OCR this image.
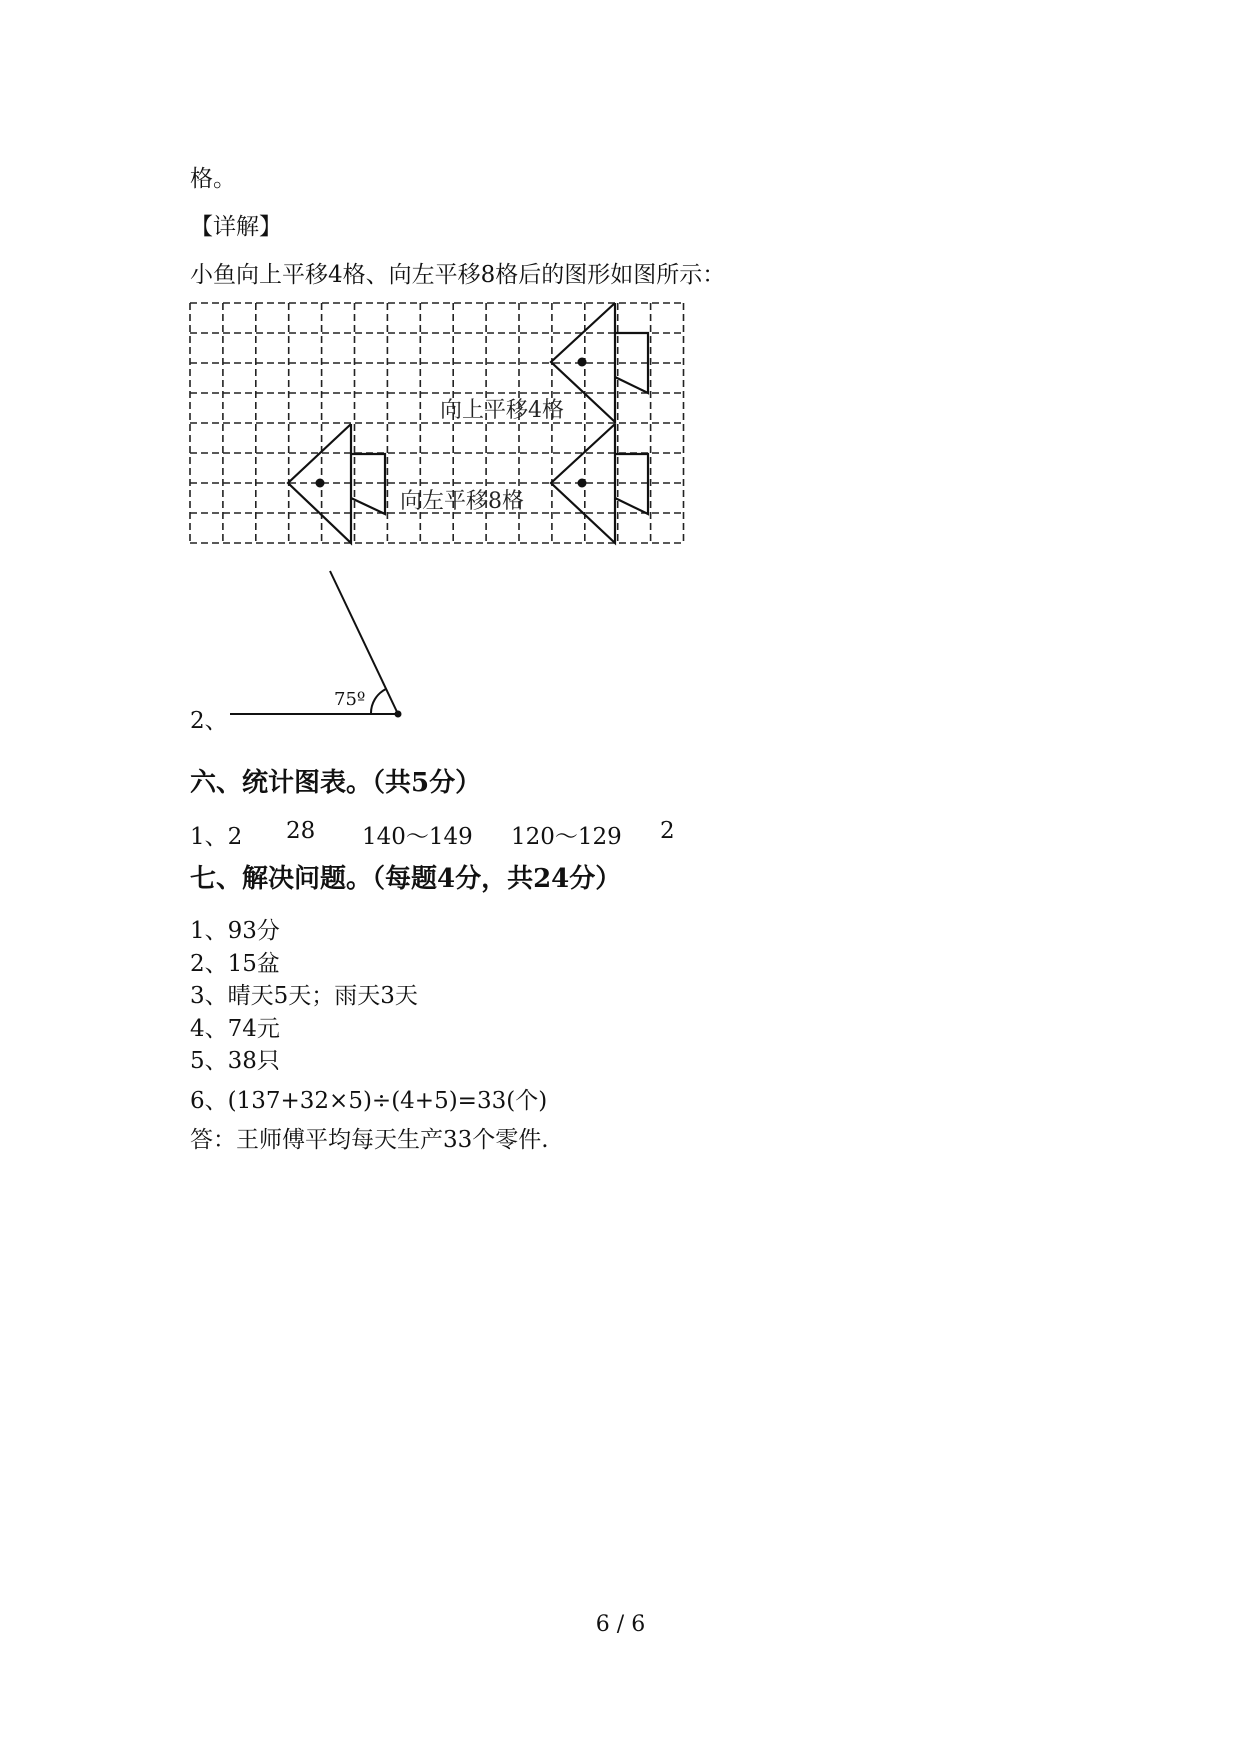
格。
【详解】
小鱼向上平移4格、向左平移8格后的图形如图所示：
向上平移4格
向左平移8格
75º
2、
六、统计图表。（共5分）
1、2 28 140～149 120～129 2
七、解决问题。（每题4分，共24分）
1、93分
2、15盆
3、晴天5天；雨天3天
4、74元
5、38只
6、(137+32×5)÷(4+5)=33(个)
答：王师傅平均每天生产33个零件.
6 / 6
